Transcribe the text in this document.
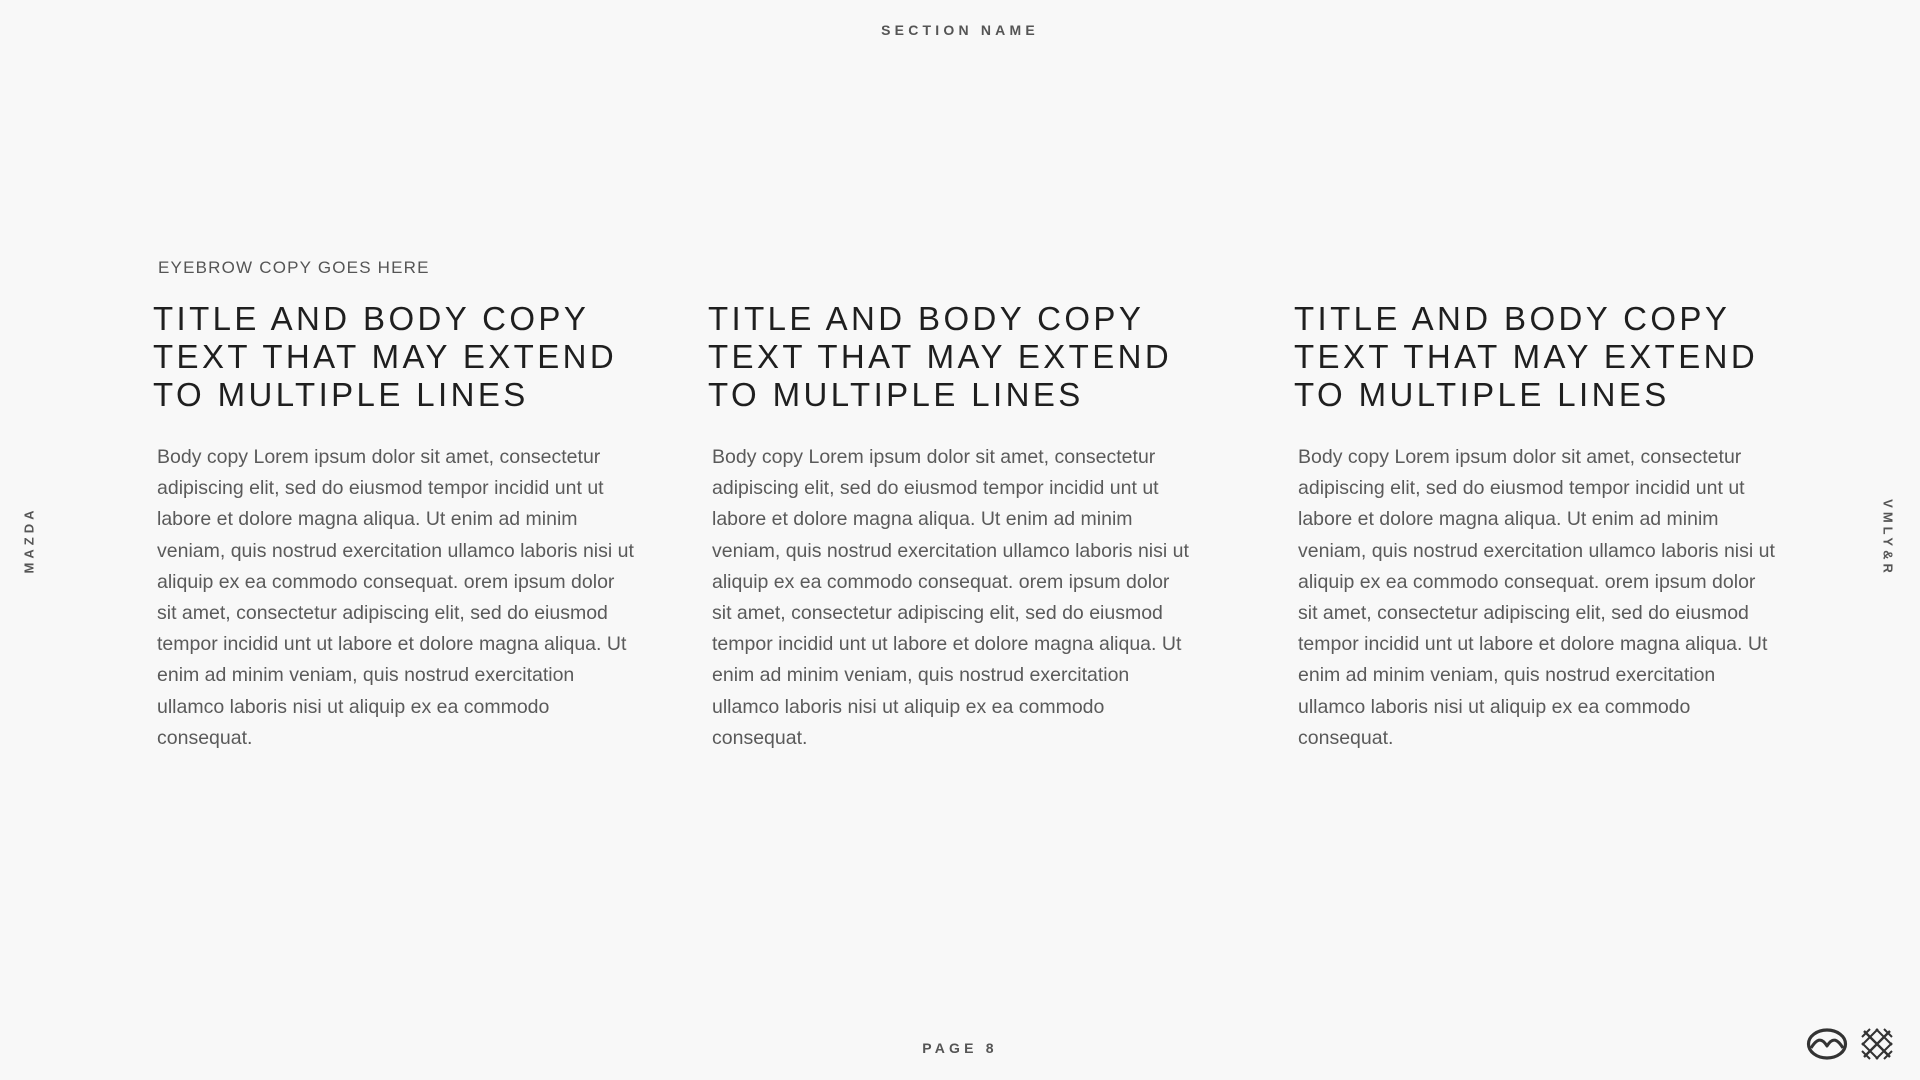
SECTION NAME
MAZDA	VMLY&R
EYEBROW COPY GOES HERE
TITLE AND BODY COPY
TEXT THAT MAY EXTEND
TO MULTIPLE LINES

Body copy Lorem ipsum dolor sit amet, consectetur adipiscing elit, sed do eiusmod tempor incidid unt ut labore et dolore magna aliqua. Ut enim ad minim veniam, quis nostrud exercitation ullamco laboris nisi ut aliquip ex ea commodo consequat. orem ipsum dolor sit amet, consectetur adipiscing elit, sed do eiusmod tempor incidid unt ut labore et dolore magna aliqua. Ut enim ad minim veniam, quis nostrud exercitation ullamco laboris nisi ut aliquip ex ea commodo consequat.

TITLE AND BODY COPY
TEXT THAT MAY EXTEND
TO MULTIPLE LINES

Body copy Lorem ipsum dolor sit amet, consectetur adipiscing elit, sed do eiusmod tempor incidid unt ut labore et dolore magna aliqua. Ut enim ad minim veniam, quis nostrud exercitation ullamco laboris nisi ut aliquip ex ea commodo consequat. orem ipsum dolor sit amet, consectetur adipiscing elit, sed do eiusmod tempor incidid unt ut labore et dolore magna aliqua. Ut enim ad minim veniam, quis nostrud exercitation ullamco laboris nisi ut aliquip ex ea commodo consequat.

TITLE AND BODY COPY
TEXT THAT MAY EXTEND
TO MULTIPLE LINES

Body copy Lorem ipsum dolor sit amet, consectetur adipiscing elit, sed do eiusmod tempor incidid unt ut labore et dolore magna aliqua. Ut enim ad minim veniam, quis nostrud exercitation ullamco laboris nisi ut aliquip ex ea commodo consequat. orem ipsum dolor sit amet, consectetur adipiscing elit, sed do eiusmod tempor incidid unt ut labore et dolore magna aliqua. Ut enim ad minim veniam, quis nostrud exercitation ullamco laboris nisi ut aliquip ex ea commodo consequat.

PAGE 8
